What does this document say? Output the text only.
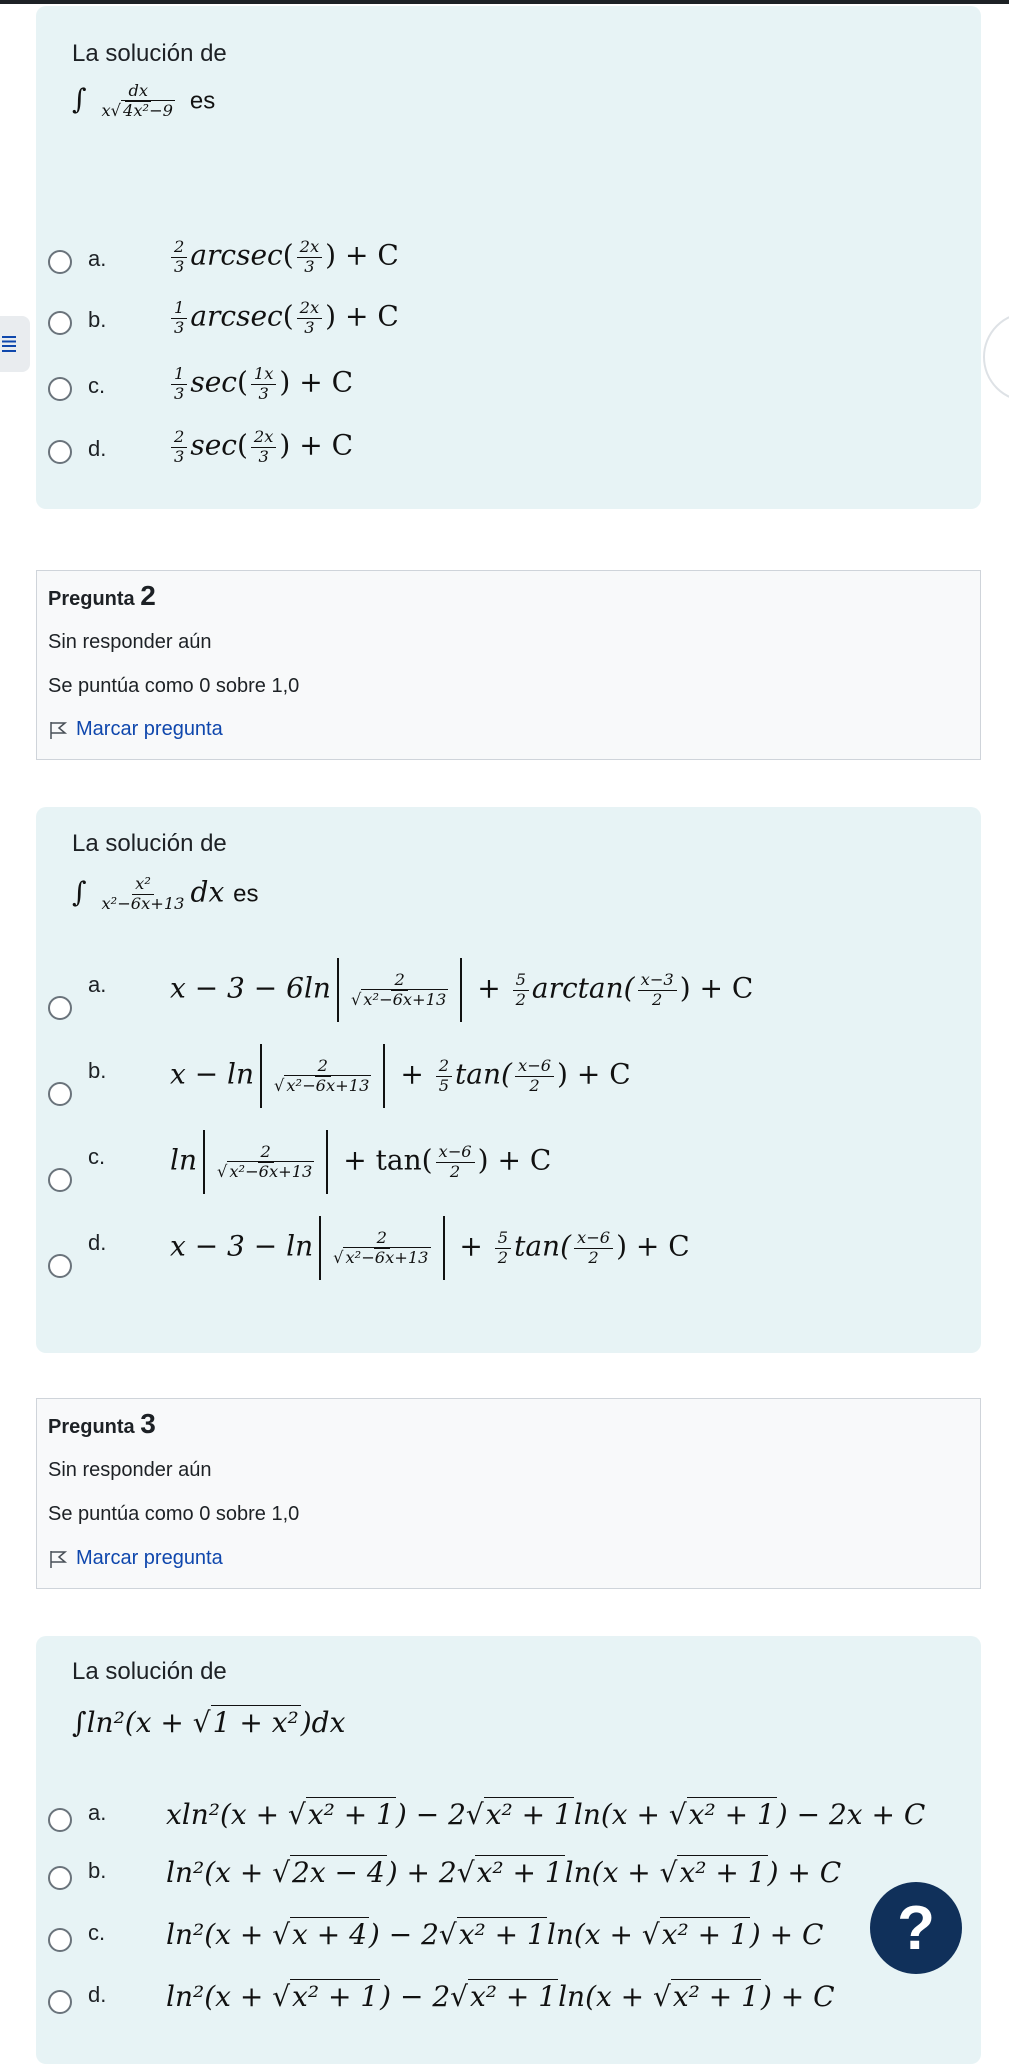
La solución de
∫ $\frac{dx}{\text{x√ 4x²−9}}$ es
a.	$\frac{2}{3} arcsec( \frac{2x}{3}$ ) + C
b.	$\frac{1}{3} arcsec( \frac{2x}{3}$ ) + C
c.	$\frac{1}{3} \sec( \frac{1x}{3}$ ) + C
d.	$\frac{2}{3} \sec( \frac{2x}{3}$ ) + C
Pregunta 2
Sin responder aún
Se puntúa como 0 sobre 1,0
Marcar pregunta
La solución de
∫ $\frac{\text{x²}}{\text{x²−6x+13}}$ dx es
a. $x - 3 - 6\ln \frac{2}{\text{√ x²−6x+13}} + \frac{5}{2} \arctan( \frac{x-3}{2}$ ) + C
b. $x - \ln \frac{2}{\text{√ x²−6x+13}} + \frac{2}{5} \tan( \frac{x-6}{2}$ ) + C
c. $\ln \frac{2}{\text{√ x²−6x+13}} + \tan( \frac{x-6}{2}$ ) + C
d. $x - 3 - \ln \frac{2}{\text{√ x²−6x+13}} + \frac{5}{2} \tan( \frac{x-6}{2}$ ) + C
Pregunta 3
Sin responder aún
Se puntúa como 0 sobre 1,0
Marcar pregunta
La solución de
∫ln²(x + √1 + x²)dx
a. xln²(x + √x² + 1) − 2√x² + 1ln(x + √x² + 1) − 2x + C
b. ln²(x + √2x − 4) + 2√x² + 1ln(x + √x² + 1) + C
c. ln²(x + √x + 4) − 2√x² + 1ln(x + √x² + 1) + C
d. ln²(x + √x² + 1) − 2√x² + 1ln(x + √x² + 1) + C
?
